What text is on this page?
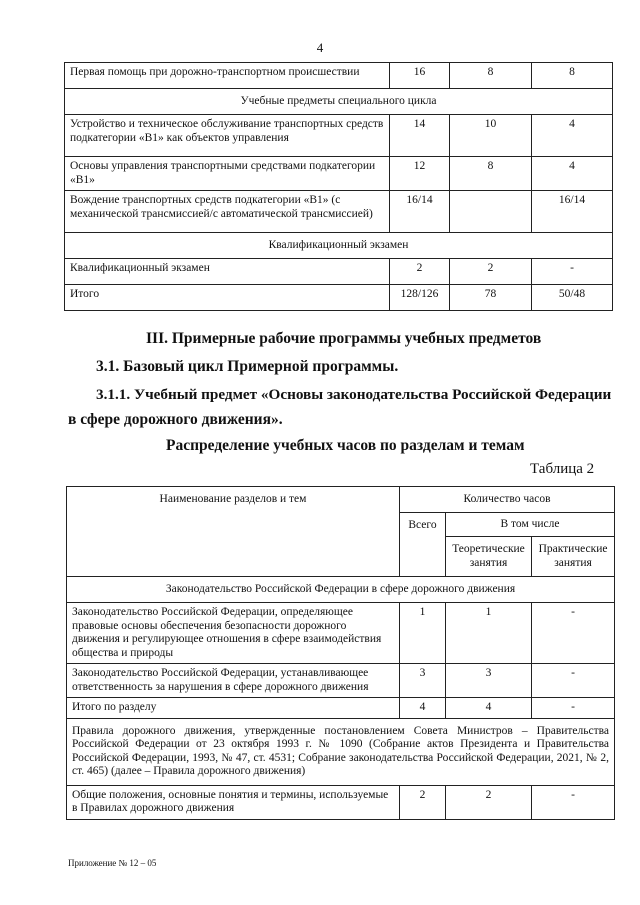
4
Первая помощь при дорожно-транспортном происшествии	16	8	8
Учебные предметы специального цикла			
Устройство и техническое обслуживание транспортных средств подкатегории «В1» как объектов управления	14	10	4
Основы управления транспортными средствами подкатегории «В1»	12	8	4
Вождение транспортных средств подкатегории «В1» (с механической трансмиссией/с автоматической трансмиссией)	16/14		16/14
Квалификационный экзамен			
Квалификационный экзамен	2	2	-
Итого	128/126	78	50/48
III. Примерные рабочие программы учебных предметов
3.1. Базовый цикл Примерной программы.
3.1.1. Учебный предмет «Основы законодательства Российской Федерации
в сфере дорожного движения».
Распределение учебных часов по разделам и темам
Таблица 2
Наименование разделов и тем	Количество часов		
	Всего	В том числе	
		Теоретические занятия	Практические занятия
Законодательство Российской Федерации в сфере дорожного движения			
Законодательство Российской Федерации, определяющее правовые основы обеспечения безопасности дорожного движения и регулирующее отношения в сфере взаимодействия общества и природы	1	1	-
Законодательство Российской Федерации, устанавливающее ответственность за нарушения в сфере дорожного движения	3	3	-
Итого по разделу	4	4	-
Правила дорожного движения, утвержденные постановлением Совета Министров – Правительства Российской Федерации от 23 октября 1993 г. № 1090 (Собрание актов Президента и Правительства Российской Федерации, 1993, № 47, ст. 4531; Собрание законодательства Российской Федерации, 2021, № 2, ст. 465) (далее – Правила дорожного движения)			
Общие положения, основные понятия и термины, используемые в Правилах дорожного движения	2	2	-
Приложение № 12 – 05
